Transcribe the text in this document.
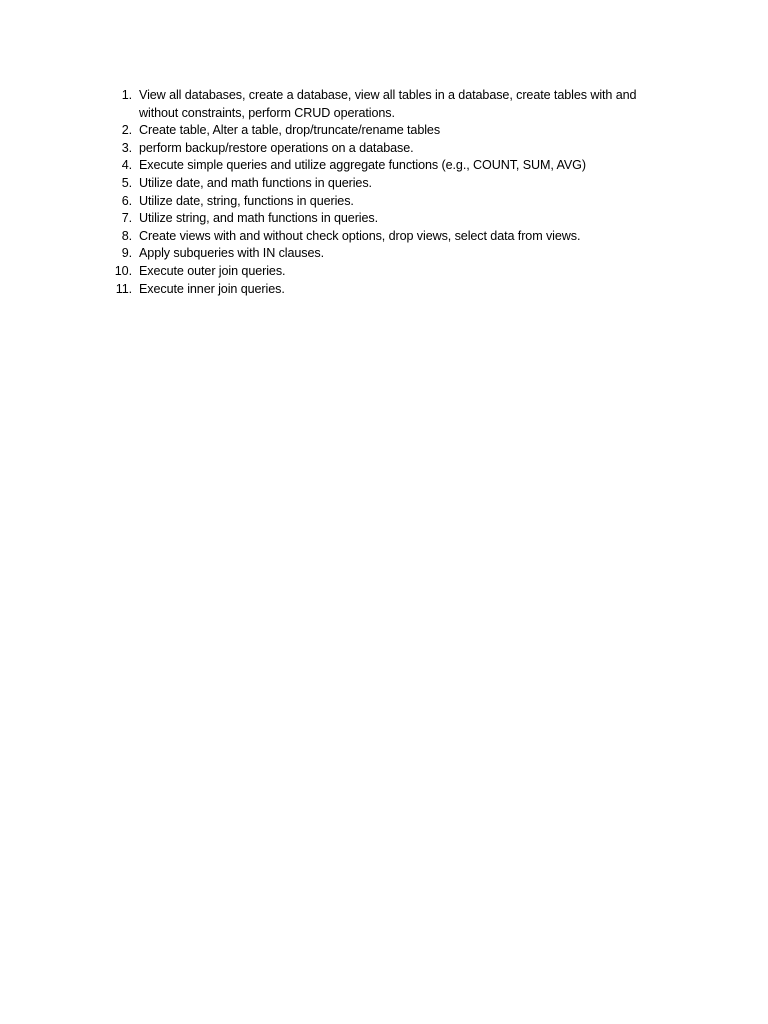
1. View all databases, create a database, view all tables in a database, create tables with and without constraints, perform CRUD operations.
2. Create table, Alter a table, drop/truncate/rename tables
3. perform backup/restore operations on a database.
4. Execute simple queries and utilize aggregate functions (e.g., COUNT, SUM, AVG)
5. Utilize date, and math functions in queries.
6. Utilize date, string, functions in queries.
7. Utilize string, and math functions in queries.
8. Create views with and without check options, drop views, select data from views.
9. Apply subqueries with IN clauses.
10. Execute outer join queries.
11. Execute inner join queries.
